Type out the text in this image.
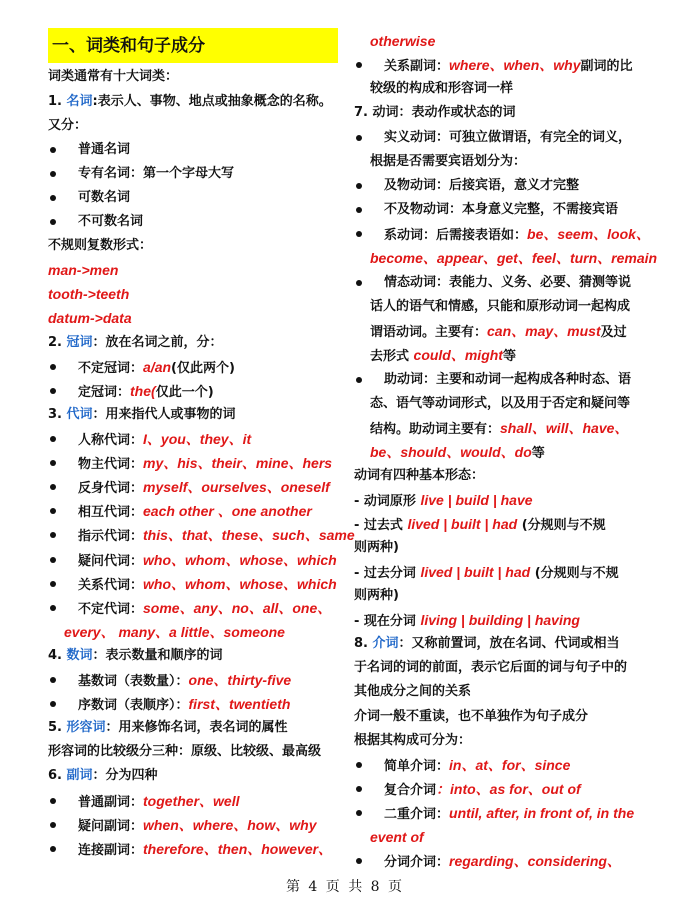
一、词类和句子成分
词类通常有十大词类：
1. 名词:表示人、事物、地点或抽象概念的名称。
又分：
普通名词
专有名词：第一个字母大写
可数名词
不可数名词
不规则复数形式：
man->men
tooth->teeth
datum->data
2. 冠词：放在名词之前，分：
不定冠词：a/an(仅此两个)
定冠词：the(仅此一个)
3. 代词：用来指代人或事物的词
人称代词：I、you、they、it
物主代词：my、his、their、mine、hers
反身代词：myself、ourselves、oneself
相互代词：each other 、one another
指示代词：this、that、these、such、same
疑问代词：who、whom、whose、which
关系代词：who、whom、whose、which
不定代词：some、any、no、all、one、
every、 many、a little、someone
4. 数词：表示数量和顺序的词
基数词（表数量）：one、thirty-five
序数词（表顺序）：first、twentieth
5. 形容词：用来修饰名词，表名词的属性
形容词的比较级分三种：原级、比较级、最高级
6. 副词：分为四种
普通副词：together、well
疑问副词：when、where、how、why
连接副词：therefore、then、however、
otherwise
关系副词：where、when、why副词的比
较级的构成和形容词一样
7. 动词：表动作或状态的词
实义动词：可独立做谓语，有完全的词义，
根据是否需要宾语划分为：
及物动词：后接宾语，意义才完整
不及物动词：本身意义完整，不需接宾语
系动词：后需接表语如：be、seem、look、
become、appear、get、feel、turn、remain
情态动词：表能力、义务、必要、猜测等说
话人的语气和情感，只能和原形动词一起构成
谓语动词。主要有：can、may、must及过
去形式 could、might等
助动词：主要和动词一起构成各种时态、语
态、语气等动词形式，以及用于否定和疑问等
结构。助动词主要有：shall、will、have、
be、should、would、do等
动词有四种基本形态：
- 动词原形 live | build | have
- 过去式 lived | built | had (分规则与不规
则两种)
- 过去分词 lived | built | had (分规则与不规
则两种)
- 现在分词 living | building | having
8. 介词：又称前置词，放在名词、代词或相当
于名词的词的前面，表示它后面的词与句子中的
其他成分之间的关系
介词一般不重读，也不单独作为句子成分
根据其构成可分为：
简单介词：in、at、for、since
复合介词：into、as for、out of
二重介词：until, after, in front of, in the
event of
分词介词：regarding、considering、
第 4 页 共 8 页
